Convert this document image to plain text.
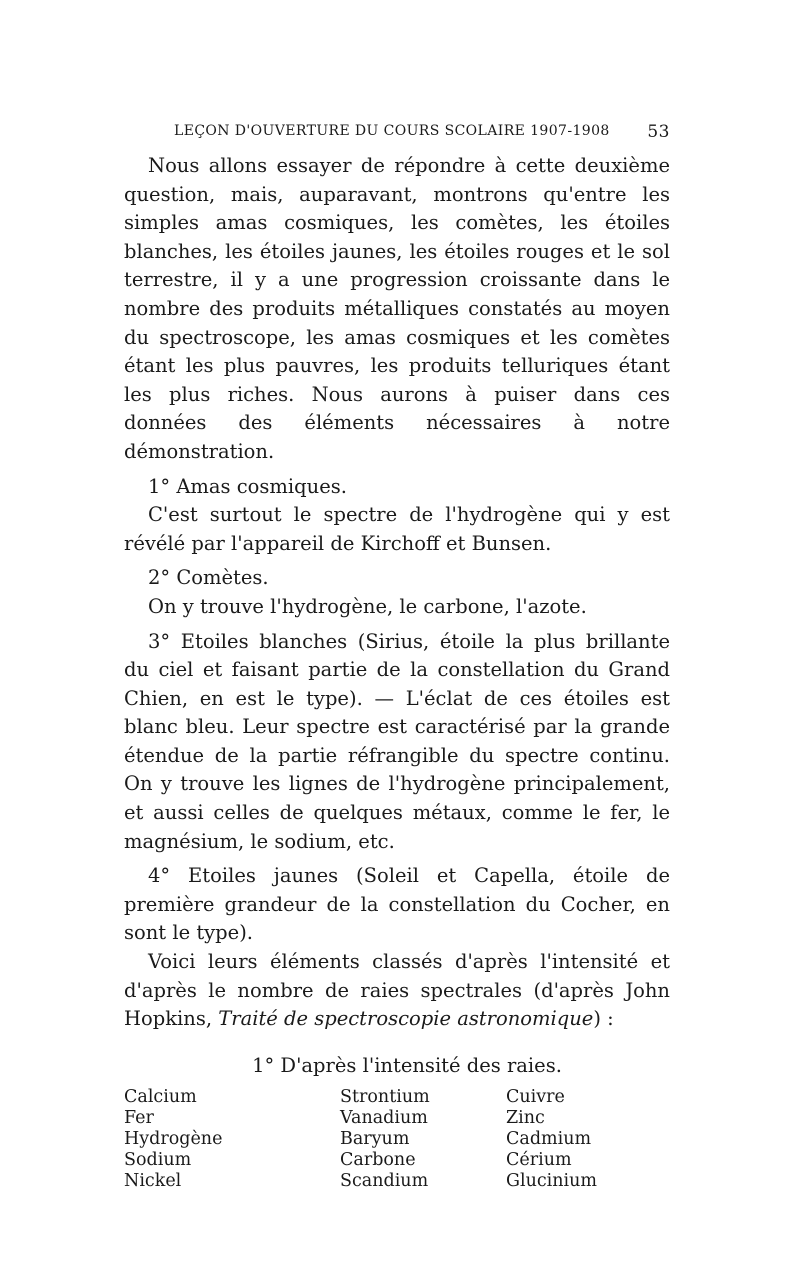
LEÇON D'OUVERTURE DU COURS SCOLAIRE 1907-1908 53

Nous allons essayer de répondre à cette deuxième question, mais, auparavant, montrons qu'entre les simples amas cosmiques, les comètes, les étoiles blanches, les étoiles jaunes, les étoiles rouges et le sol terrestre, il y a une progression croissante dans le nombre des produits métalliques constatés au moyen du spectroscope, les amas cosmiques et les comètes étant les plus pauvres, les produits telluriques étant les plus riches. Nous aurons à puiser dans ces données des éléments nécessaires à notre démonstration.

1° Amas cosmiques.

C'est surtout le spectre de l'hydrogène qui y est révélé par l'appareil de Kirchoff et Bunsen.

2° Comètes.

On y trouve l'hydrogène, le carbone, l'azote.

3° Etoiles blanches (Sirius, étoile la plus brillante du ciel et faisant partie de la constellation du Grand Chien, en est le type). — L'éclat de ces étoiles est blanc bleu. Leur spectre est caractérisé par la grande étendue de la partie réfrangible du spectre continu. On y trouve les lignes de l'hydrogène principalement, et aussi celles de quelques métaux, comme le fer, le magnésium, le sodium, etc.

4° Etoiles jaunes (Soleil et Capella, étoile de première grandeur de la constellation du Cocher, en sont le type).

Voici leurs éléments classés d'après l'intensité et d'après le nombre de raies spectrales (d'après John Hopkins, Traité de spectroscopie astronomique) :

1° D'après l'intensité des raies.
Calcium
Fer
Hydrogène
Sodium
Nickel
Strontium
Vanadium
Baryum
Carbone
Scandium
Cuivre
Zinc
Cadmium
Cérium
Glucinium
